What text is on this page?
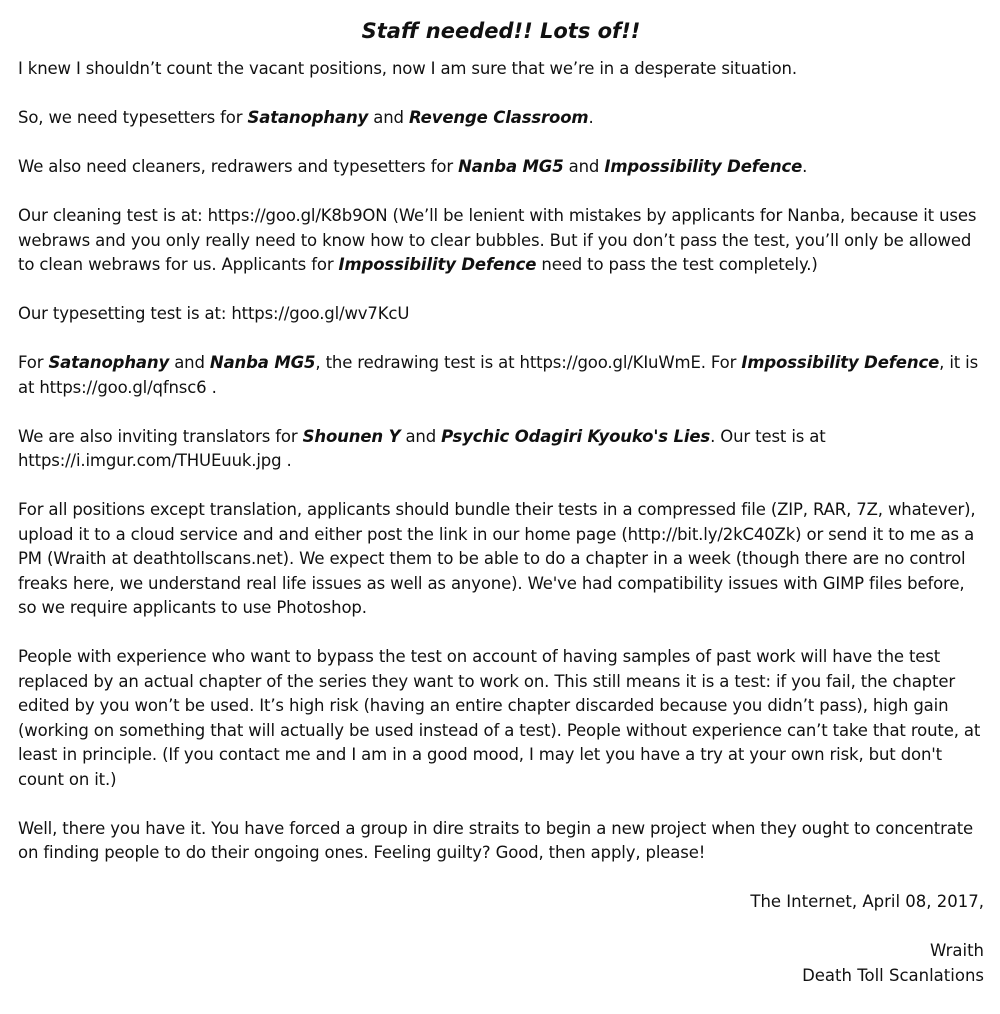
Staff needed!! Lots of!!

I knew I shouldn’t count the vacant positions, now I am sure that we’re in a desperate situation.

So, we need typesetters for Satanophany and Revenge Classroom.

We also need cleaners, redrawers and typesetters for Nanba MG5 and Impossibility Defence.

Our cleaning test is at: https://goo.gl/K8b9ON (We’ll be lenient with mistakes by applicants for Nanba, because it uses webraws and you only really need to know how to clear bubbles. But if you don’t pass the test, you’ll only be allowed to clean webraws for us. Applicants for Impossibility Defence need to pass the test completely.)

Our typesetting test is at: https://goo.gl/wv7KcU

For Satanophany and Nanba MG5, the redrawing test is at https://goo.gl/KIuWmE. For Impossibility Defence, it is at https://goo.gl/qfnsc6 .

We are also inviting translators for Shounen Y and Psychic Odagiri Kyouko's Lies. Our test is at https://i.imgur.com/THUEuuk.jpg .

For all positions except translation, applicants should bundle their tests in a compressed file (ZIP, RAR, 7Z, whatever), upload it to a cloud service and and either post the link in our home page (http://bit.ly/2kC40Zk) or send it to me as a PM (Wraith at deathtollscans.net). We expect them to be able to do a chapter in a week (though there are no control freaks here, we understand real life issues as well as anyone). We've had compatibility issues with GIMP files before, so we require applicants to use Photoshop.

People with experience who want to bypass the test on account of having samples of past work will have the test replaced by an actual chapter of the series they want to work on. This still means it is a test: if you fail, the chapter edited by you won’t be used. It’s high risk (having an entire chapter discarded because you didn’t pass), high gain (working on something that will actually be used instead of a test). People without experience can’t take that route, at least in principle. (If you contact me and I am in a good mood, I may let you have a try at your own risk, but don't count on it.)

Well, there you have it. You have forced a group in dire straits to begin a new project when they ought to concentrate on finding people to do their ongoing ones. Feeling guilty? Good, then apply, please!

The Internet, April 08, 2017,
Wraith
Death Toll Scanlations
